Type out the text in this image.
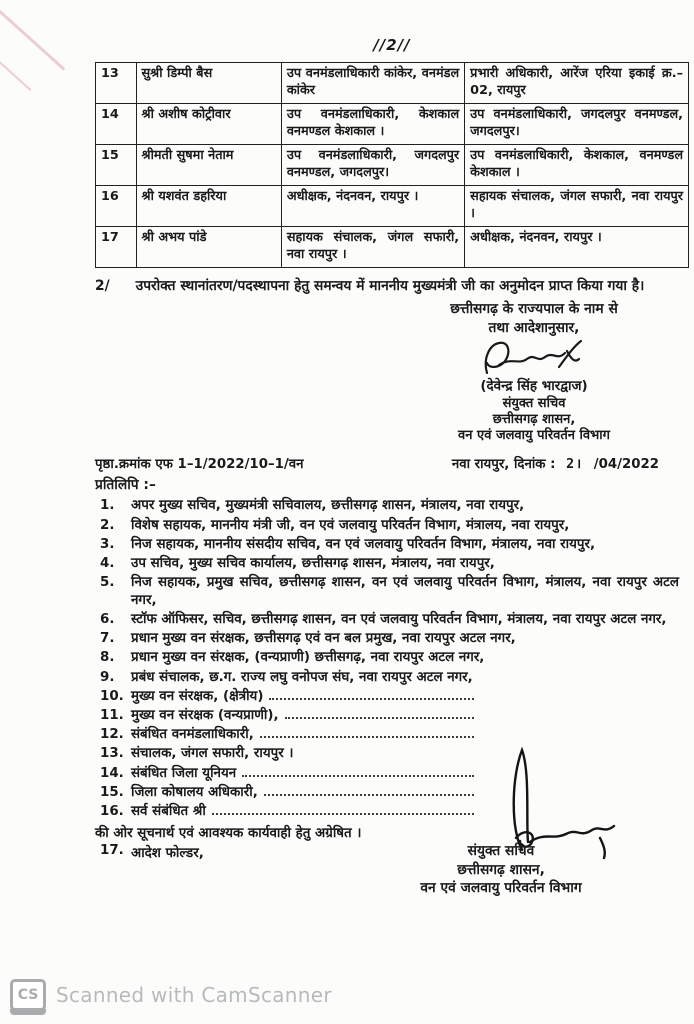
//2//
13	सुश्री डिम्पी बैस	उप वनमंडलाधिकारी कांकेर, वनमंडल कांकेर	प्रभारी अधिकारी, आरेंज एरिया इकाई क्र.–02, रायपुर
14	श्री अशीष कोट्रीवार	उप वनमंडलाधिकारी, केशकाल वनमण्डल केशकाल ।	उप वनमंडलाधिकारी, जगदलपुर वनमण्डल, जगदलपुर।
15	श्रीमती सुषमा नेताम	उप वनमंडलाधिकारी, जगदलपुर वनमण्डल, जगदलपुर।	उप वनमंडलाधिकारी, केशकाल, वनमण्डल केशकाल ।
16	श्री यशवंत डहरिया	अधीक्षक, नंदनवन, रायपुर ।	सहायक संचालक, जंगल सफारी, नवा रायपुर ।
17	श्री अभय पांडे	सहायक संचालक, जंगल सफारी, नवा रायपुर ।	अधीक्षक, नंदनवन, रायपुर ।
2/ उपरोक्त स्थानांतरण/पदस्थापना हेतु समन्वय में माननीय मुख्यमंत्री जी का अनुमोदन प्राप्त किया गया है।
छत्तीसगढ़ के राज्यपाल के नाम से
तथा आदेशानुसार,
(देवेन्द्र सिंह भारद्वाज)
संयुक्त सचिव
छत्तीसगढ़ शासन,
वन एवं जलवायु परिवर्तन विभाग
पृष्ठा.क्रमांक एफ 1–1/2022/10–1/वन	नवा रायपुर, दिनांक : 2। /04/2022
प्रतिलिपि :–
1.	अपर मुख्य सचिव, मुख्यमंत्री सचिवालय, छत्तीसगढ़ शासन, मंत्रालय, नवा रायपुर,
2.	विशेष सहायक, माननीय मंत्री जी, वन एवं जलवायु परिवर्तन विभाग, मंत्रालय, नवा रायपुर,
3.	निज सहायक, माननीय संसदीय सचिव, वन एवं जलवायु परिवर्तन विभाग, मंत्रालय, नवा रायपुर,
4.	उप सचिव, मुख्य सचिव कार्यालय, छत्तीसगढ़ शासन, मंत्रालय, नवा रायपुर,
5.	निज सहायक, प्रमुख सचिव, छत्तीसगढ़ शासन, वन एवं जलवायु परिवर्तन विभाग, मंत्रालय, नवा रायपुर अटल नगर,
6.	स्टॉफ ऑफिसर, सचिव, छत्तीसगढ़ शासन, वन एवं जलवायु परिवर्तन विभाग, मंत्रालय, नवा रायपुर अटल नगर,
7.	प्रधान मुख्य वन संरक्षक, छत्तीसगढ़ एवं वन बल प्रमुख, नवा रायपुर अटल नगर,
8.	प्रधान मुख्य वन संरक्षक, (वन्यप्राणी) छत्तीसगढ़, नवा रायपुर अटल नगर,
9.	प्रबंध संचालक, छ.ग. राज्य लघु वनोपज संघ, नवा रायपुर अटल नगर,
10. मुख्य वन संरक्षक, (क्षेत्रीय)
11. मुख्य वन संरक्षक (वन्यप्राणी),
12. संबंधित वनमंडलाधिकारी,
13. संचालक, जंगल सफारी, रायपुर ।
14. संबंधित जिला यूनियन
15. जिला कोषालय अधिकारी,
16. सर्व संबंधित श्री
की ओर सूचनार्थ एवं आवश्यक कार्यवाही हेतु अग्रेषित ।
17. आदेश फोल्डर,	संयुक्त सचिव
छत्तीसगढ़ शासन,
वन एवं जलवायु परिवर्तन विभाग
CS Scanned with CamScanner
